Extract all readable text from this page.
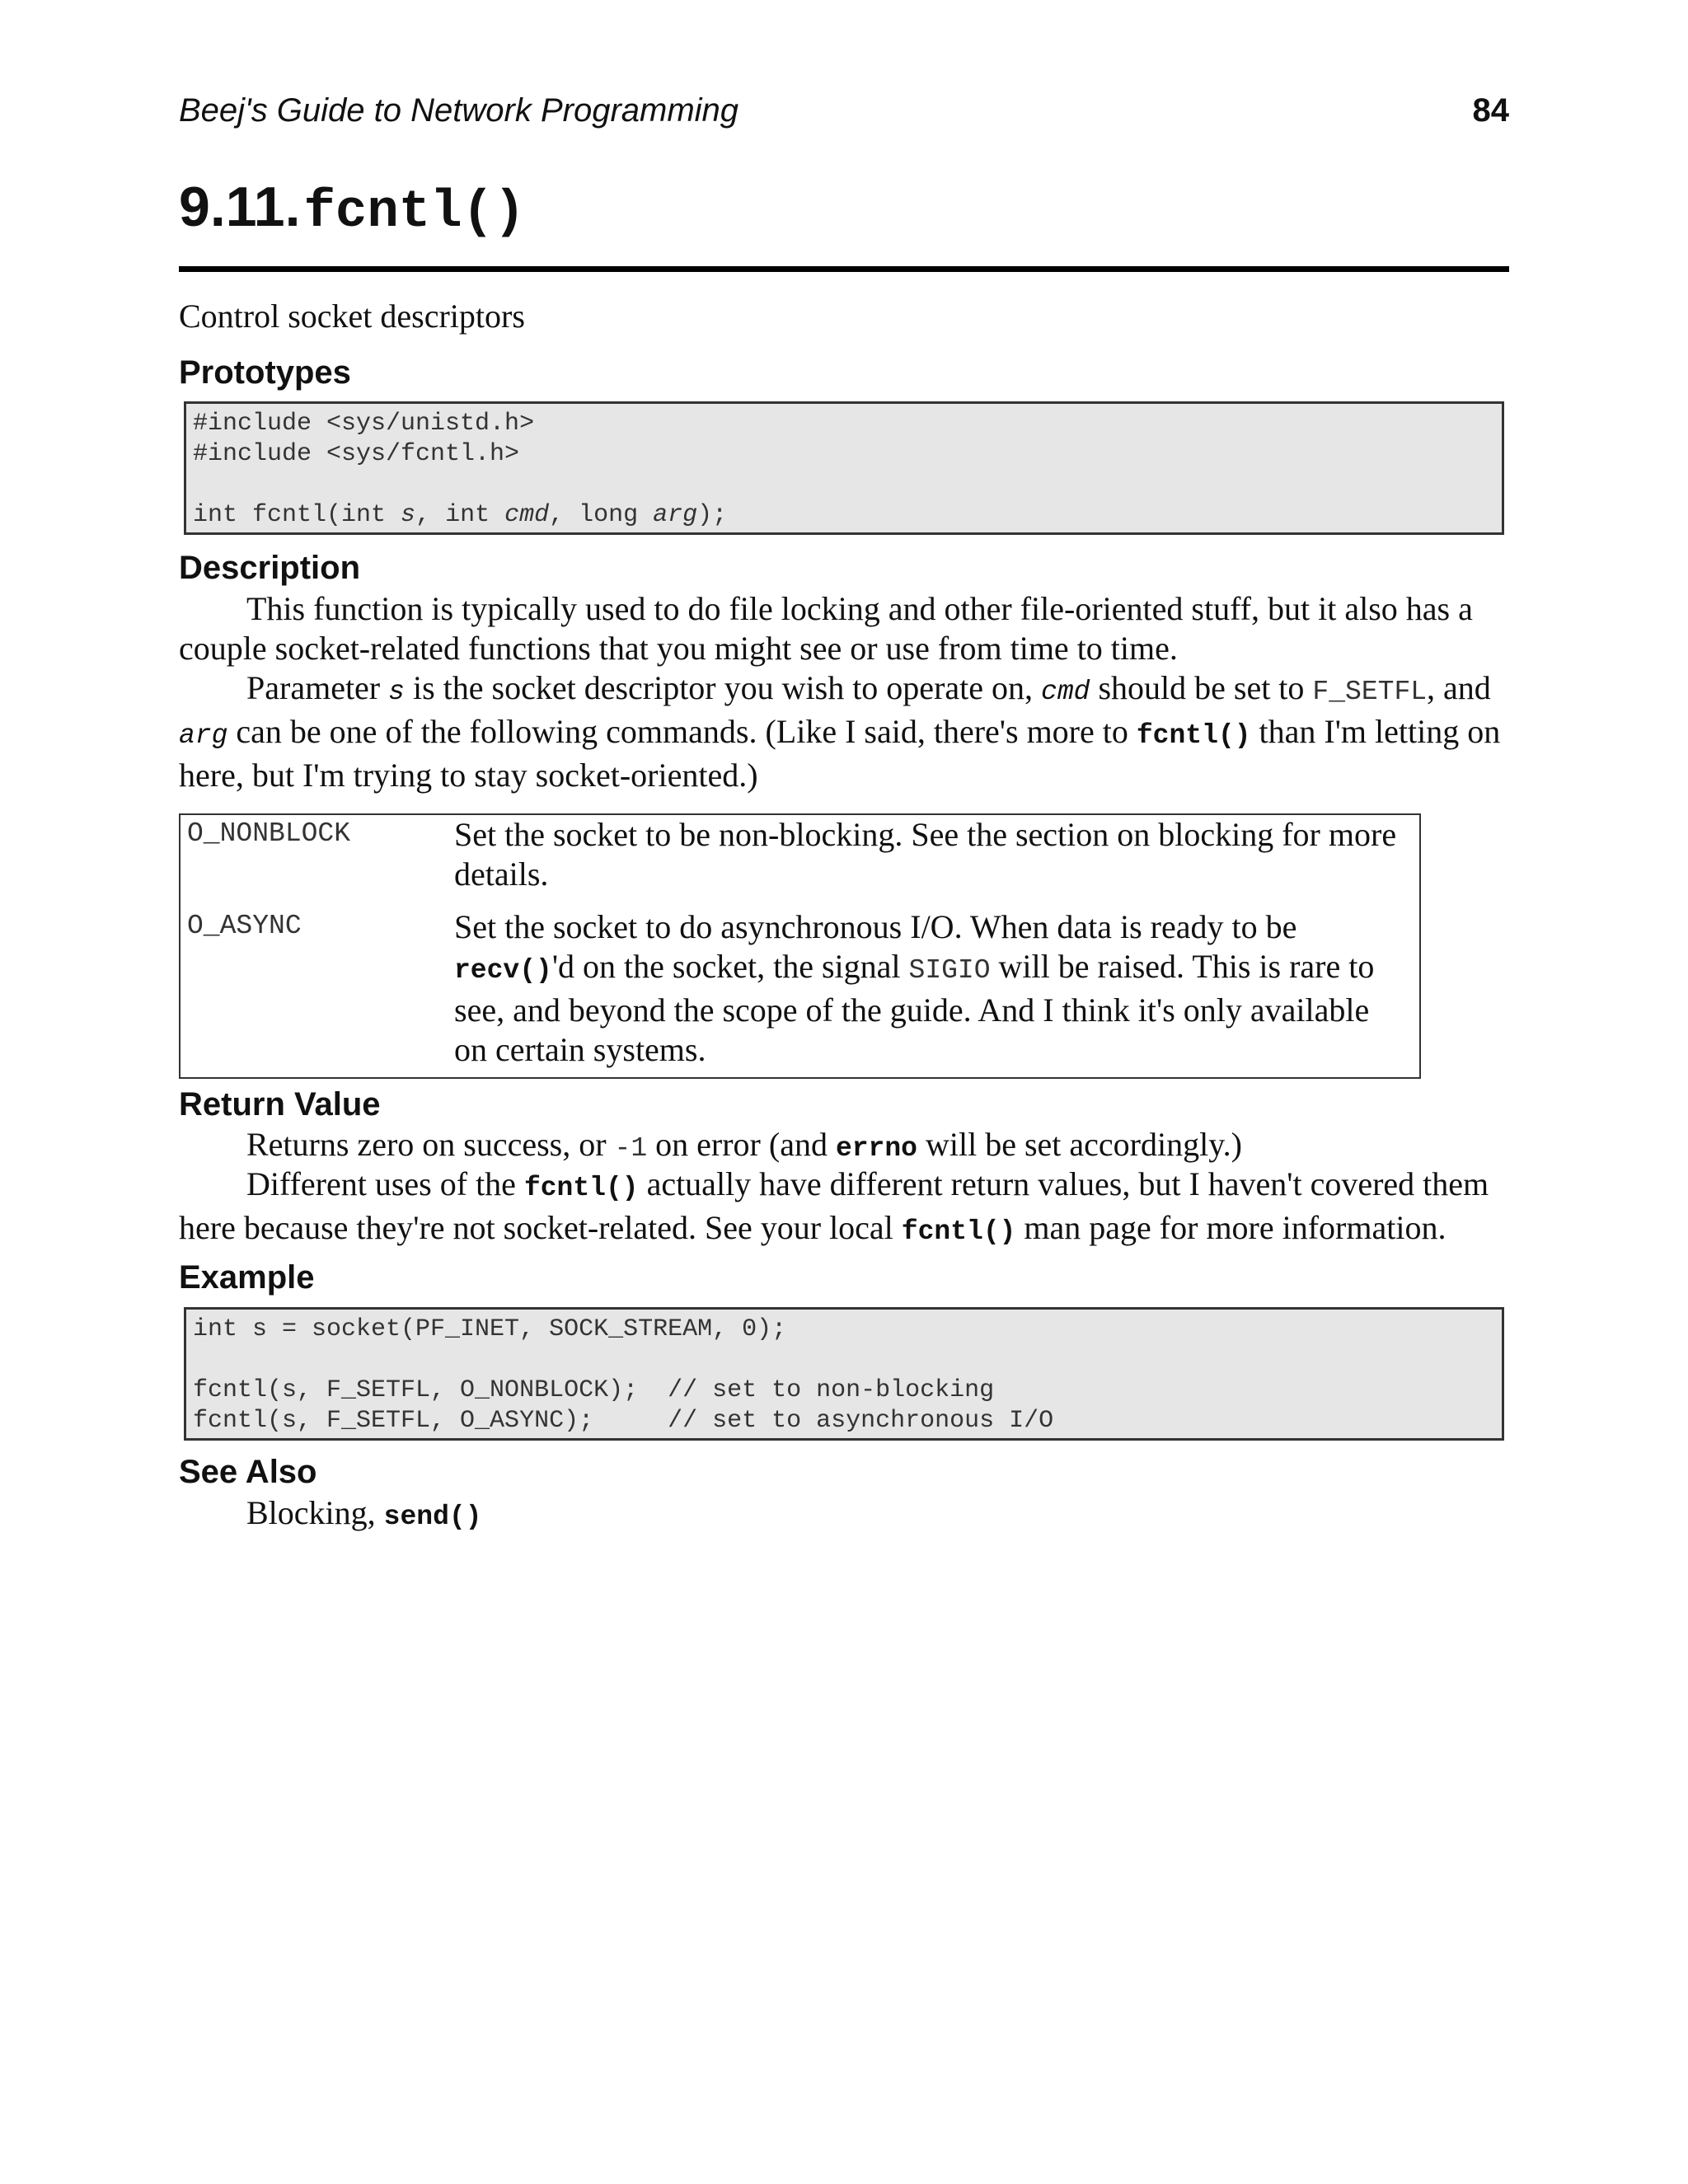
Beej's Guide to Network Programming	84
9.11. fcntl()
Control socket descriptors
Prototypes
#include <sys/unistd.h>
#include <sys/fcntl.h>

int fcntl(int s, int cmd, long arg);
Description

This function is typically used to do file locking and other file-oriented stuff, but it also has a couple socket-related functions that you might see or use from time to time.

Parameter s is the socket descriptor you wish to operate on, cmd should be set to F_SETFL, and arg can be one of the following commands. (Like I said, there's more to fcntl() than I'm letting on here, but I'm trying to stay socket-oriented.)

O_NONBLOCK	Set the socket to be non-blocking. See the section on blocking for more details.
O_ASYNC	Set the socket to do asynchronous I/O. When data is ready to be recv()'d on the socket, the signal SIGIO will be raised. This is rare to see, and beyond the scope of the guide. And I think it's only available on certain systems.
Return Value

Returns zero on success, or -1 on error (and errno will be set accordingly.)

Different uses of the fcntl() actually have different return values, but I haven't covered them here because they're not socket-related. See your local fcntl() man page for more information.

Example
int s = socket(PF_INET, SOCK_STREAM, 0);

fcntl(s, F_SETFL, O_NONBLOCK);  // set to non-blocking
fcntl(s, F_SETFL, O_ASYNC);     // set to asynchronous I/O
See Also

Blocking, send()
